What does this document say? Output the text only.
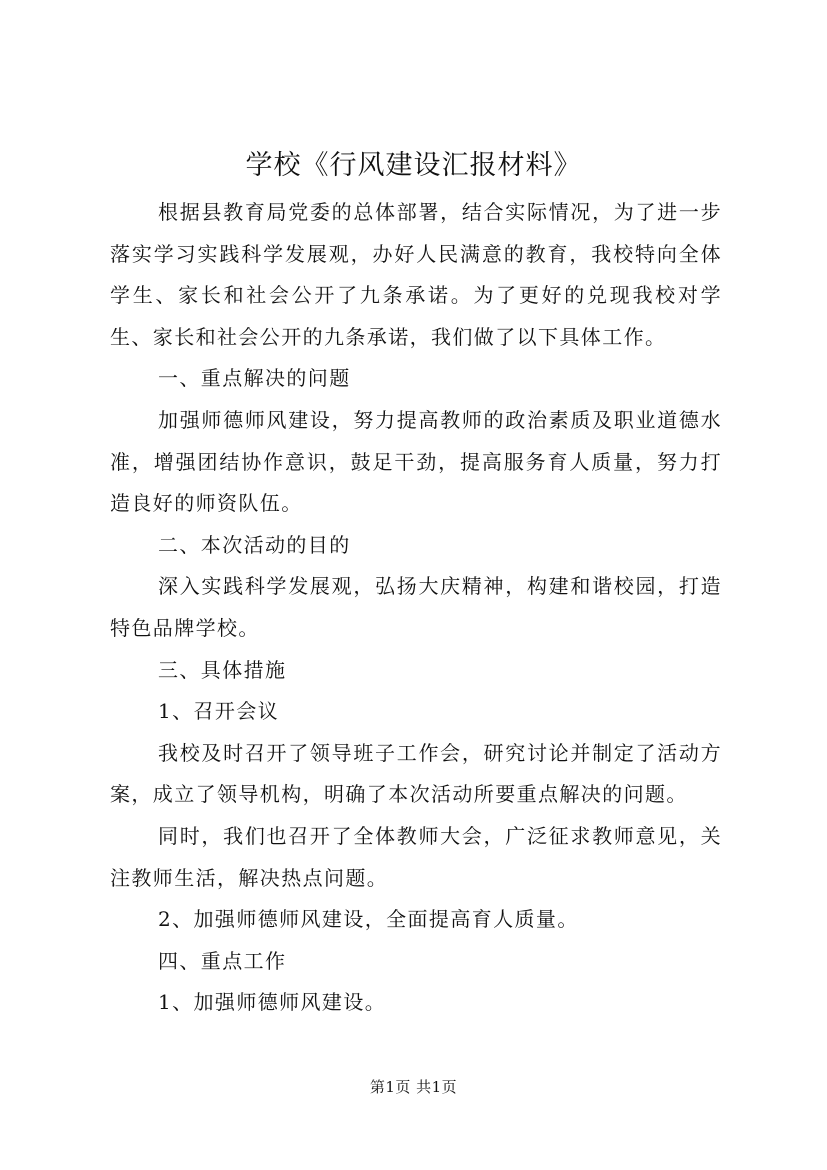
学校《行风建设汇报材料》

根据县教育局党委的总体部署，结合实际情况，为了进一步落实学习实践科学发展观，办好人民满意的教育，我校特向全体学生、家长和社会公开了九条承诺。为了更好的兑现我校对学生、家长和社会公开的九条承诺，我们做了以下具体工作。

一、重点解决的问题

加强师德师风建设，努力提高教师的政治素质及职业道德水准，增强团结协作意识，鼓足干劲，提高服务育人质量，努力打造良好的师资队伍。

二、本次活动的目的

深入实践科学发展观，弘扬大庆精神，构建和谐校园，打造特色品牌学校。

三、具体措施

1、召开会议

我校及时召开了领导班子工作会，研究讨论并制定了活动方案，成立了领导机构，明确了本次活动所要重点解决的问题。

同时，我们也召开了全体教师大会，广泛征求教师意见，关注教师生活，解决热点问题。

2、加强师德师风建设，全面提高育人质量。

四、重点工作

1、加强师德师风建设。

第1页 共1页
